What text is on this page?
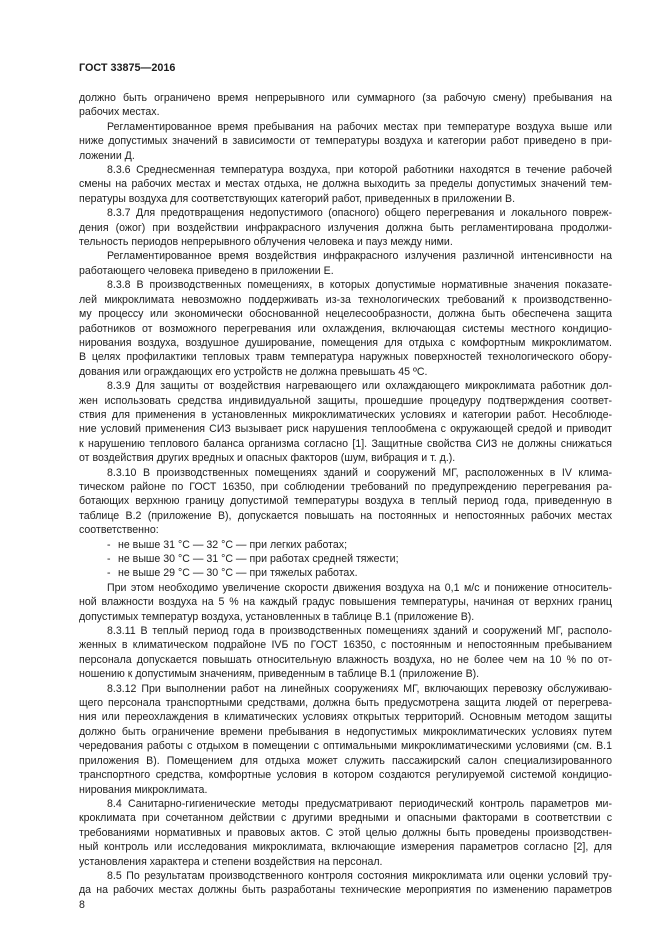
ГОСТ 33875—2016
должно быть ограничено время непрерывного или суммарного (за рабочую смену) пребывания на
рабочих местах.
Регламентированное время пребывания на рабочих местах при температуре воздуха выше или
ниже допустимых значений в зависимости от температуры воздуха и категории работ приведено в при-
ложении Д.
8.3.6 Среднесменная температура воздуха, при которой работники находятся в течение рабочей
смены на рабочих местах и местах отдыха, не должна выходить за пределы допустимых значений тем-
пературы воздуха для соответствующих категорий работ, приведенных в приложении В.
8.3.7 Для предотвращения недопустимого (опасного) общего перегревания и локального повреж-
дения (ожог) при воздействии инфракрасного излучения должна быть регламентирована продолжи-
тельность периодов непрерывного облучения человека и пауз между ними.
Регламентированное время воздействия инфракрасного излучения различной интенсивности на
работающего человека приведено в приложении Е.
8.3.8 В производственных помещениях, в которых допустимые нормативные значения показате-
лей микроклимата невозможно поддерживать из-за технологических требований к производственно-
му процессу или экономически обоснованной нецелесообразности, должна быть обеспечена защита
работников от возможного перегревания или охлаждения, включающая системы местного кондицио-
нирования воздуха, воздушное душирование, помещения для отдыха с комфортным микроклиматом.
В целях профилактики тепловых травм температура наружных поверхностей технологического обору-
дования или ограждающих его устройств не должна превышать 45 ºС.
8.3.9 Для защиты от воздействия нагревающего или охлаждающего микроклимата работник дол-
жен использовать средства индивидуальной защиты, прошедшие процедуру подтверждения соответ-
ствия для применения в установленных микроклиматических условиях и категории работ. Несоблюде-
ние условий применения СИЗ вызывает риск нарушения теплообмена с окружающей средой и приводит
к нарушению теплового баланса организма согласно [1]. Защитные свойства СИЗ не должны снижаться
от воздействия других вредных и опасных факторов (шум, вибрация и т. д.).
8.3.10 В производственных помещениях зданий и сооружений МГ, расположенных в IV клима-
тическом районе по ГОСТ 16350, при соблюдении требований по предупреждению перегревания ра-
ботающих верхнюю границу допустимой температуры воздуха в теплый период года, приведенную в
таблице В.2 (приложение В), допускается повышать на постоянных и непостоянных рабочих местах
соответственно:
- не выше 31 °С — 32 °С — при легких работах;
- не выше 30 °С — 31 °С — при работах средней тяжести;
- не выше 29 °С — 30 °С — при тяжелых работах.
При этом необходимо увеличение скорости движения воздуха на 0,1 м/с и понижение относитель-
ной влажности воздуха на 5 % на каждый градус повышения температуры, начиная от верхних границ
допустимых температур воздуха, установленных в таблице В.1 (приложение В).
8.3.11 В теплый период года в производственных помещениях зданий и сооружений МГ, располо-
женных в климатическом подрайоне IVБ по ГОСТ 16350, с постоянным и непостоянным пребыванием
персонала допускается повышать относительную влажность воздуха, но не более чем на 10 % по от-
ношению к допустимым значениям, приведенным в таблице В.1 (приложение В).
8.3.12 При выполнении работ на линейных сооружениях МГ, включающих перевозку обслуживаю-
щего персонала транспортными средствами, должна быть предусмотрена защита людей от перегрева-
ния или переохлаждения в климатических условиях открытых территорий. Основным методом защиты
должно быть ограничение времени пребывания в недопустимых микроклиматических условиях путем
чередования работы с отдыхом в помещении с оптимальными микроклиматическими условиями (см. В.1
приложения В). Помещением для отдыха может служить пассажирский салон специализированного
транспортного средства, комфортные условия в котором создаются регулируемой системой кондицио-
нирования микроклимата.
8.4 Санитарно-гигиенические методы предусматривают периодический контроль параметров ми-
кроклимата при сочетанном действии с другими вредными и опасными факторами в соответствии с
требованиями нормативных и правовых актов. С этой целью должны быть проведены производствен-
ный контроль или исследования микроклимата, включающие измерения параметров согласно [2], для
установления характера и степени воздействия на персонал.
8.5 По результатам производственного контроля состояния микроклимата или оценки условий тру-
да на рабочих местах должны быть разработаны технические мероприятия по изменению параметров
8
